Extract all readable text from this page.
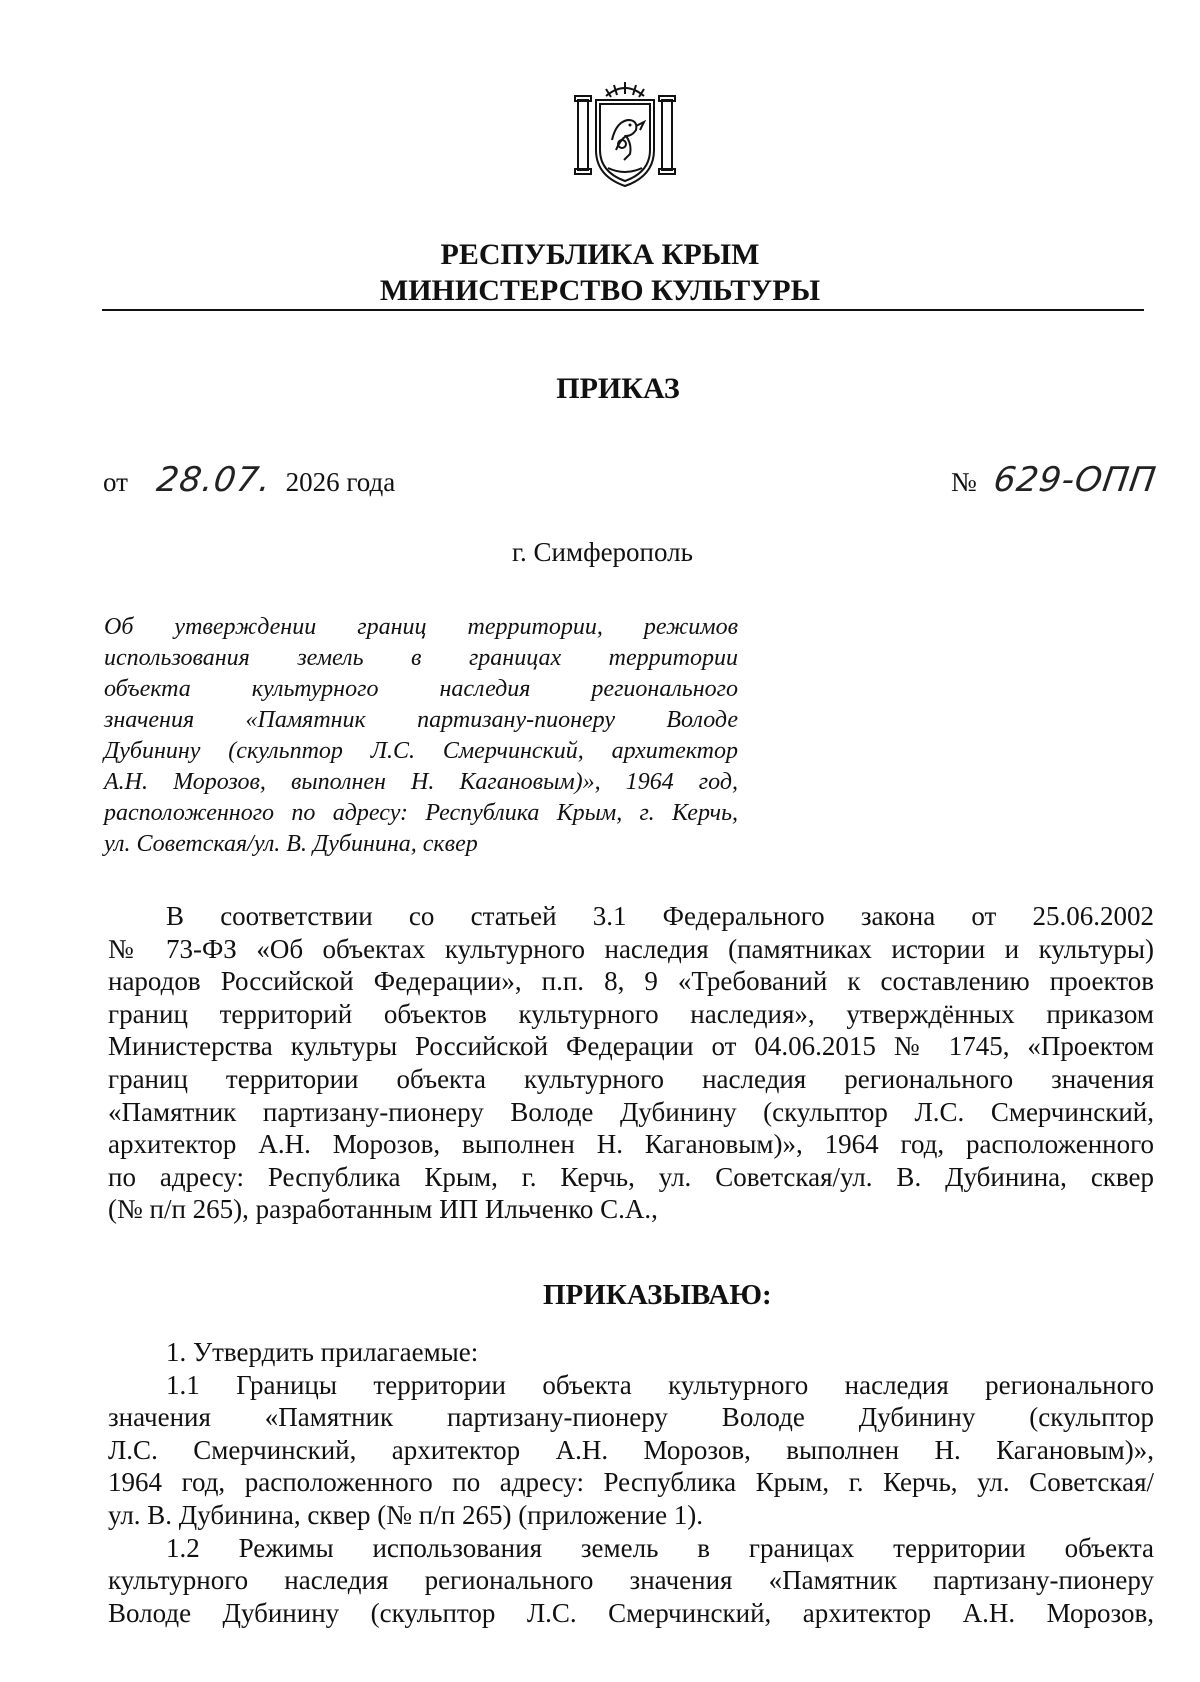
РЕСПУБЛИКА КРЫМ
МИНИСТЕРСТВО КУЛЬТУРЫ
ПРИКАЗ
от 28.07. 2026 года	№ 629-ОПП
г. Симферополь
Об утверждении границ территории, режимов
использования земель в границах территории
объекта культурного наследия регионального
значения «Памятник партизану-пионеру Володе
Дубинину (скульптор Л.С. Смерчинский, архитектор
А.Н. Морозов, выполнен Н. Кагановым)», 1964 год,
расположенного по адресу: Республика Крым, г. Керчь,
ул. Советская/ул. В. Дубинина, сквер
В соответствии со статьей 3.1 Федерального закона от 25.06.2002
№ 73-ФЗ «Об объектах культурного наследия (памятниках истории и культуры)
народов Российской Федерации», п.п. 8, 9 «Требований к составлению проектов
границ территорий объектов культурного наследия», утверждённых приказом
Министерства культуры Российской Федерации от 04.06.2015 № 1745, «Проектом
границ территории объекта культурного наследия регионального значения
«Памятник партизану-пионеру Володе Дубинину (скульптор Л.С. Смерчинский,
архитектор А.Н. Морозов, выполнен Н. Кагановым)», 1964 год, расположенного
по адресу: Республика Крым, г. Керчь, ул. Советская/ул. В. Дубинина, сквер
(№ п/п 265), разработанным ИП Ильченко С.А.,
ПРИКАЗЫВАЮ:
1. Утвердить прилагаемые:
1.1 Границы территории объекта культурного наследия регионального
значения «Памятник партизану-пионеру Володе Дубинину (скульптор
Л.С. Смерчинский, архитектор А.Н. Морозов, выполнен Н. Кагановым)»,
1964 год, расположенного по адресу: Республика Крым, г. Керчь, ул. Советская/
ул. В. Дубинина, сквер (№ п/п 265) (приложение 1).
1.2 Режимы использования земель в границах территории объекта
культурного наследия регионального значения «Памятник партизану-пионеру
Володе Дубинину (скульптор Л.С. Смерчинский, архитектор А.Н. Морозов,
